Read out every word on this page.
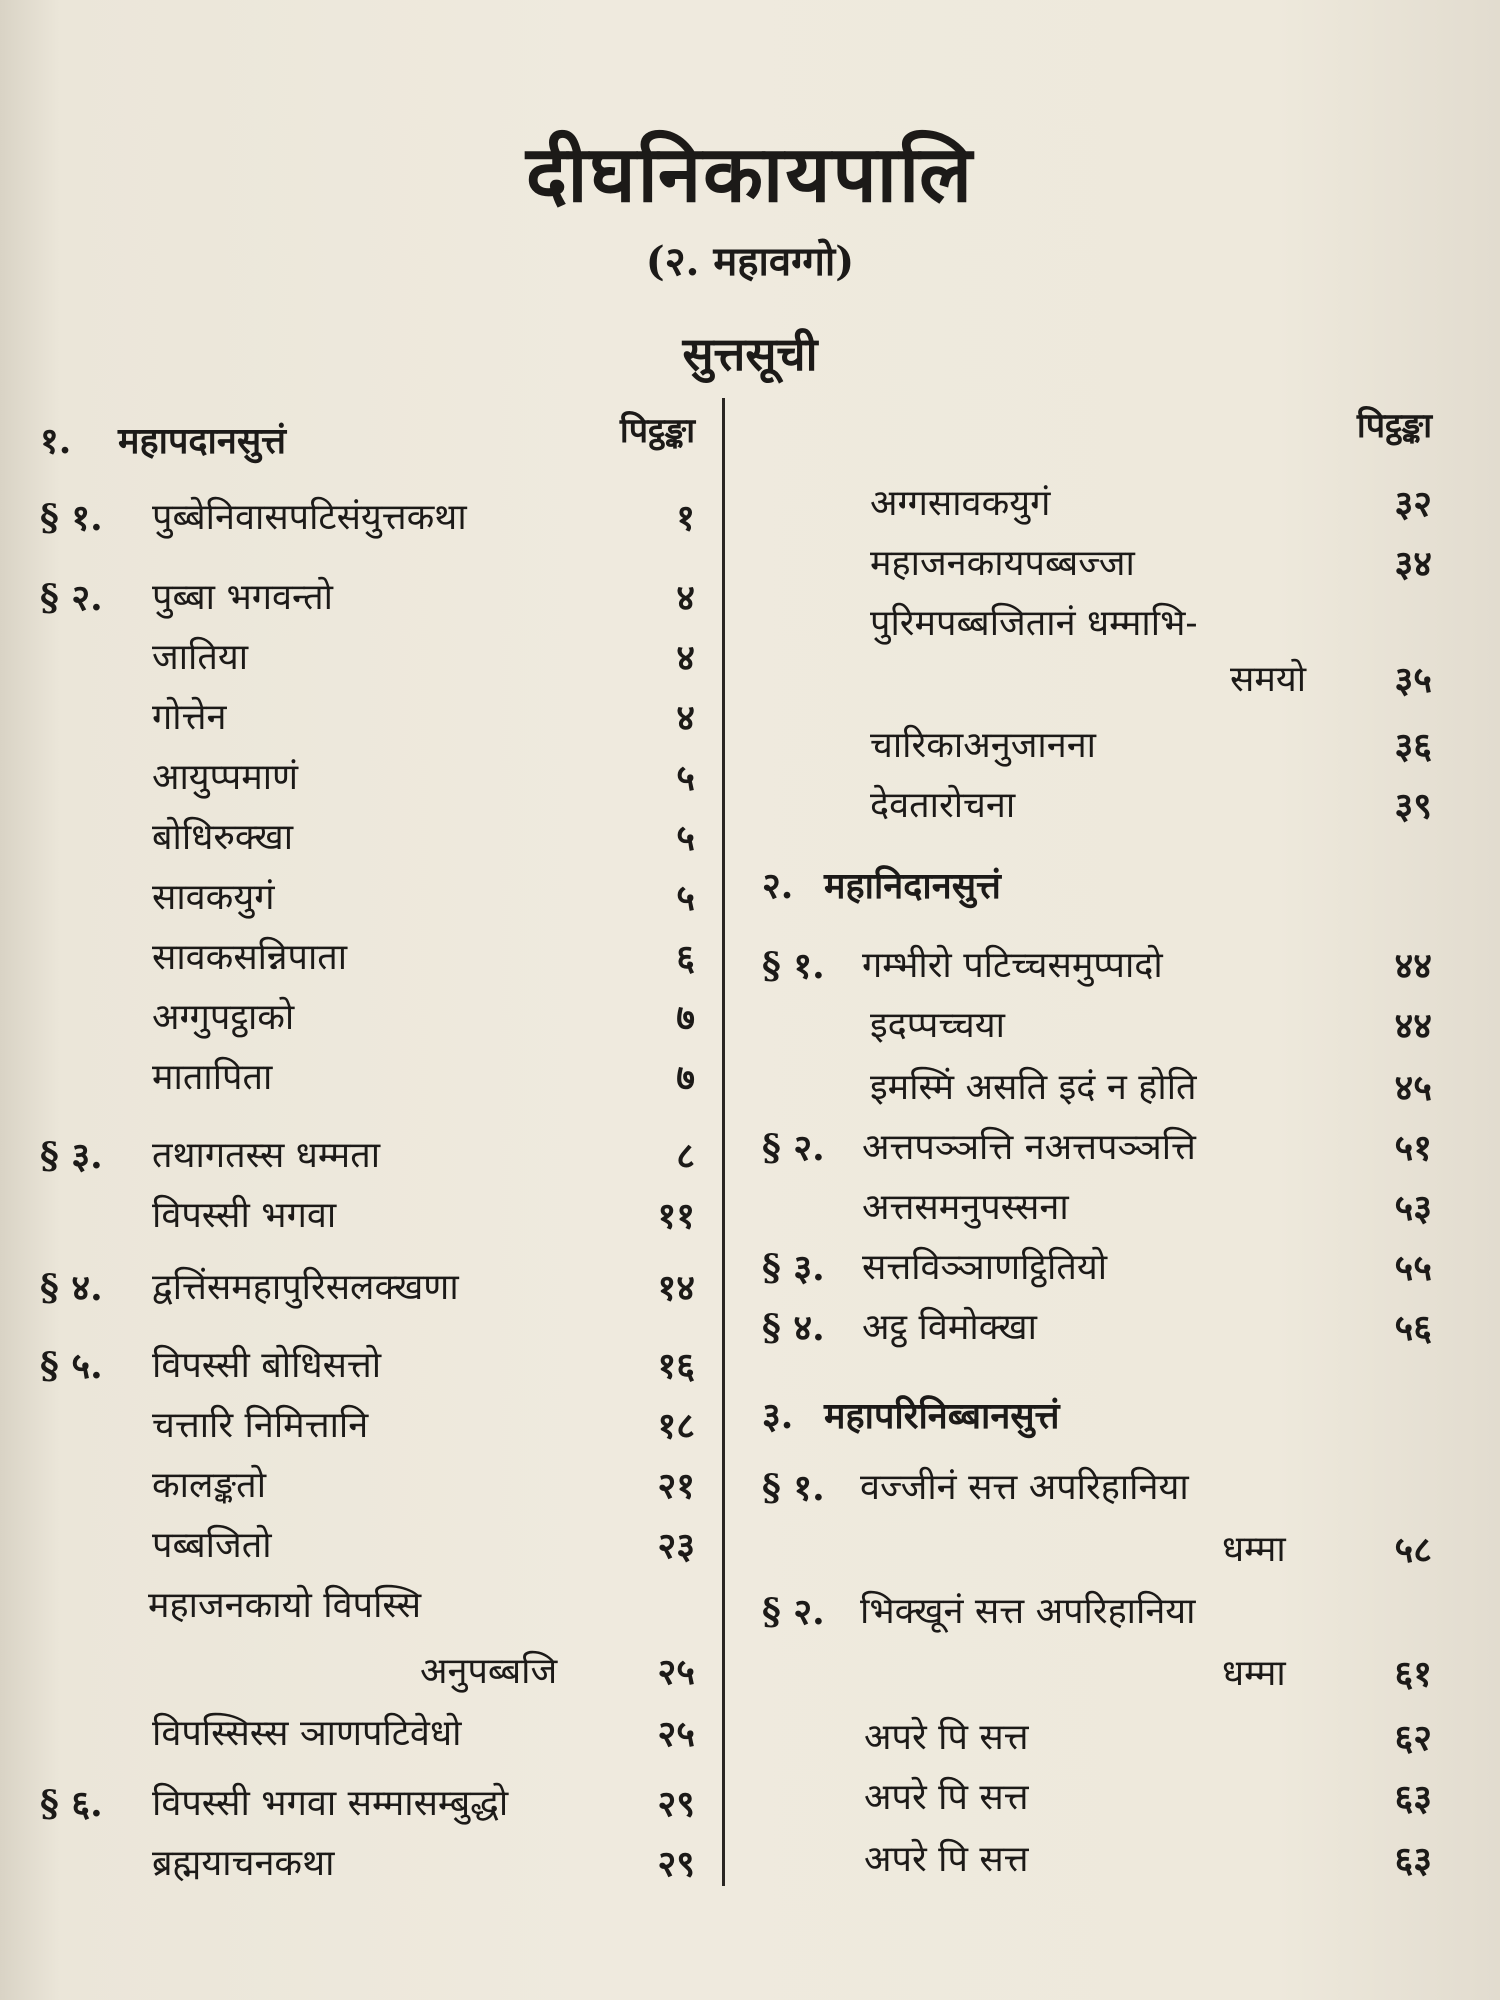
दीघनिकायपालि
(२. महावग्गो)
सुत्तसूची
१. महापदानसुत्तं	पिट्ठङ्का
§ १. पुब्बेनिवासपटिसंयुत्तकथा	१
§ २. पुब्बा भगवन्तो	४
जातिया	४
गोत्तेन	४
आयुप्पमाणं	५
बोधिरुक्खा	५
सावकयुगं	५
सावकसन्निपाता	६
अग्गुपट्ठाको	७
मातापिता	७
§ ३. तथागतस्स धम्मता	८
विपस्सी भगवा	११
§ ४. द्वत्तिंसमहापुरिसलक्खणा	१४
§ ५. विपस्सी बोधिसत्तो	१६
चत्तारि निमित्तानि	१८
कालङ्कतो	२१
पब्बजितो	२३
महाजनकायो विपस्सि
अनुपब्बजि	२५
विपस्सिस्स ञाणपटिवेधो	२५
§ ६. विपस्सी भगवा सम्मासम्बुद्धो	२९
ब्रह्मयाचनकथा	२९
पिट्ठङ्का
अग्गसावकयुगं	३२
महाजनकायपब्बज्जा	३४
पुरिमपब्बजितानं धम्माभि-
समयो ३५
चारिकाअनुजानना	३६
देवतारोचना	३९
२. महानिदानसुत्तं
§ १. गम्भीरो पटिच्चसमुप्पादो	४४
इदप्पच्चया	४४
इमस्मिं असति इदं न होति	४५
§ २. अत्तपञ्ञत्ति नअत्तपञ्ञत्ति	५१
अत्तसमनुपस्सना	५३
§ ३. सत्तविञ्ञाणट्ठितियो	५५
§ ४. अट्ठ विमोक्खा	५६
३. महापरिनिब्बानसुत्तं
§ १. वज्जीनं सत्त अपरिहानिया
धम्मा	५८
§ २. भिक्खूनं सत्त अपरिहानिया
धम्मा	६१
अपरे पि सत्त	६२
अपरे पि सत्त	६३
अपरे पि सत्त	६३
